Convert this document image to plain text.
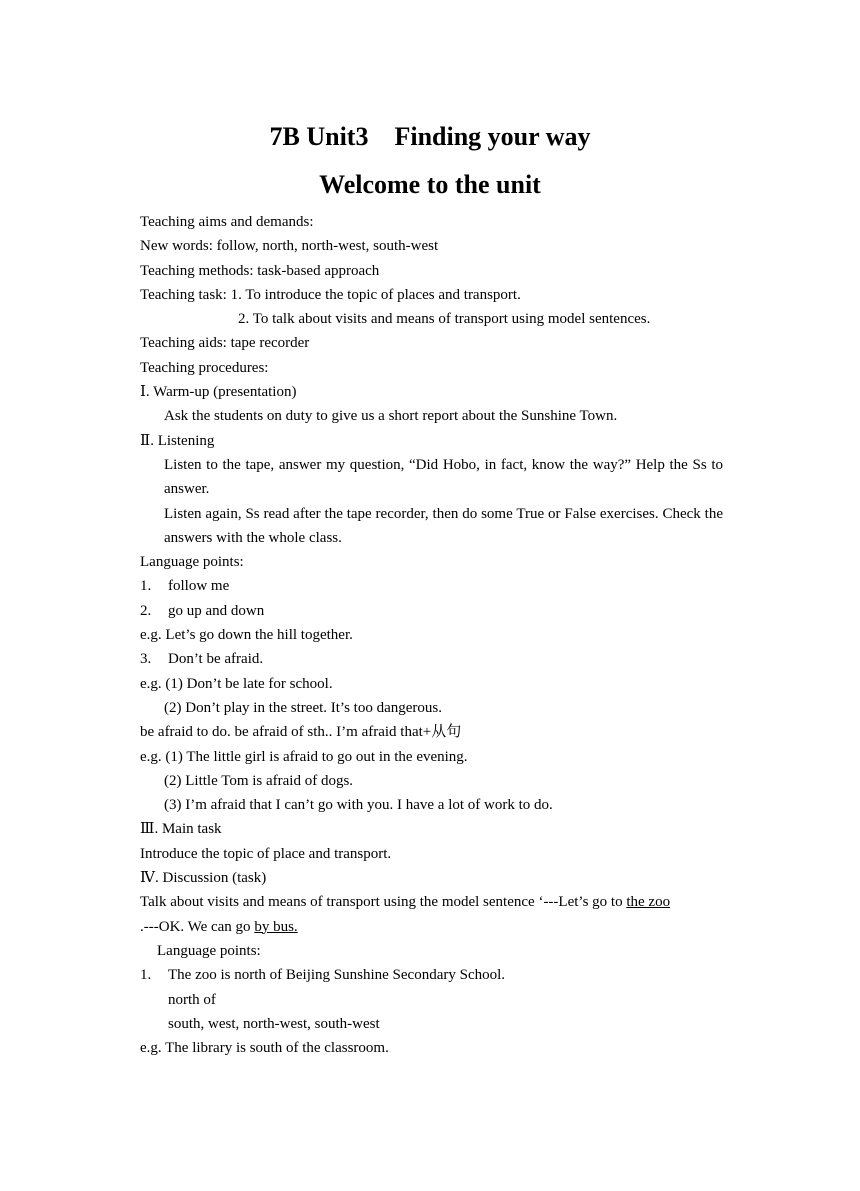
7B Unit3    Finding your way
Welcome to the unit
Teaching aims and demands:
New words: follow, north, north-west, south-west
Teaching methods: task-based approach
Teaching task: 1. To introduce the topic of places and transport.
2. To talk about visits and means of transport using model sentences.
Teaching aids: tape recorder
Teaching procedures:
Ⅰ. Warm-up (presentation)
Ask the students on duty to give us a short report about the Sunshine Town.
Ⅱ. Listening
Listen to the tape, answer my question, “Did Hobo, in fact, know the way?” Help the Ss to answer.
Listen again, Ss read after the tape recorder, then do some True or False exercises. Check the answers with the whole class.
Language points:
1. follow me
2. go up and down
e.g. Let’s go down the hill together.
3. Don’t be afraid.
e.g. (1) Don’t be late for school.
(2) Don’t play in the street. It’s too dangerous.
be afraid to do. be afraid of sth.. I’m afraid that+从句
e.g. (1) The little girl is afraid to go out in the evening.
(2) Little Tom is afraid of dogs.
(3) I’m afraid that I can’t go with you. I have a lot of work to do.
Ⅲ. Main task
Introduce the topic of place and transport.
Ⅳ. Discussion (task)
Talk about visits and means of transport using the model sentence ‘---Let’s go to the zoo
.---OK. We can go by bus.
Language points:
1. The zoo is north of Beijing Sunshine Secondary School.
north of
south, west, north-west, south-west
e.g. The library is south of the classroom.
